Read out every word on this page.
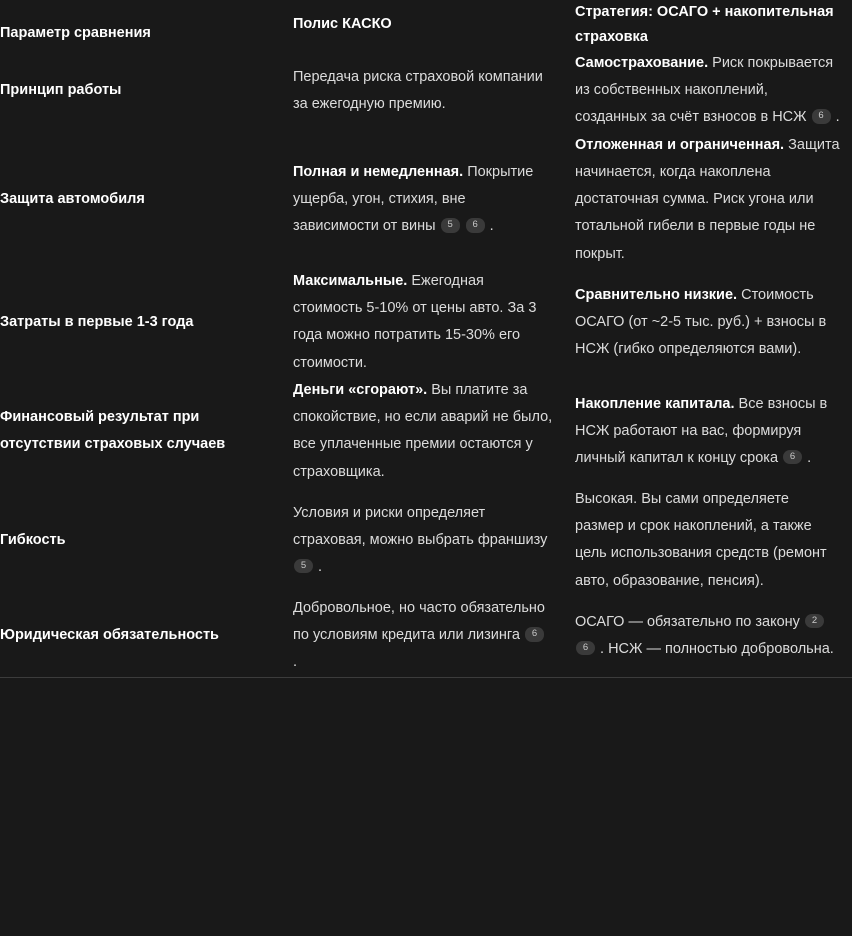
Параметр сравнения	Полис КАСКО	Стратегия: ОСАГО + накопительная страховка
Принцип работы	Передача риска страховой компании за ежегодную премию.	Самострахование. Риск покрывается из собственных накоплений, созданных за счёт взносов в НСЖ 6 .
Защита автомобиля	Полная и немедленная. Покрытие ущерба, угон, стихия, вне зависимости от вины 5 6 .	Отложенная и ограниченная. Защита начинается, когда накоплена достаточная сумма. Риск угона или тотальной гибели в первые годы не покрыт.
Затраты в первые 1-3 года	Максимальные. Ежегодная стоимость 5-10% от цены авто. За 3 года можно потратить 15-30% его стоимости.	Сравнительно низкие. Стоимость ОСАГО (от ~2-5 тыс. руб.) + взносы в НСЖ (гибко определяются вами).
Финансовый результат при отсутствии страховых случаев	Деньги «сгорают». Вы платите за спокойствие, но если аварий не было, все уплаченные премии остаются у страховщика.	Накопление капитала. Все взносы в НСЖ работают на вас, формируя личный капитал к концу срока 6 .
Гибкость	Условия и риски определяет страховая, можно выбрать франшизу 5 .	Высокая. Вы сами определяете размер и срок накоплений, а также цель использования средств (ремонт авто, образование, пенсия).
Юридическая обязательность	Добровольное, но часто обязательно по условиям кредита или лизинга 6 .	ОСАГО — обязательно по закону 2 6 . НСЖ — полностью добровольна.
